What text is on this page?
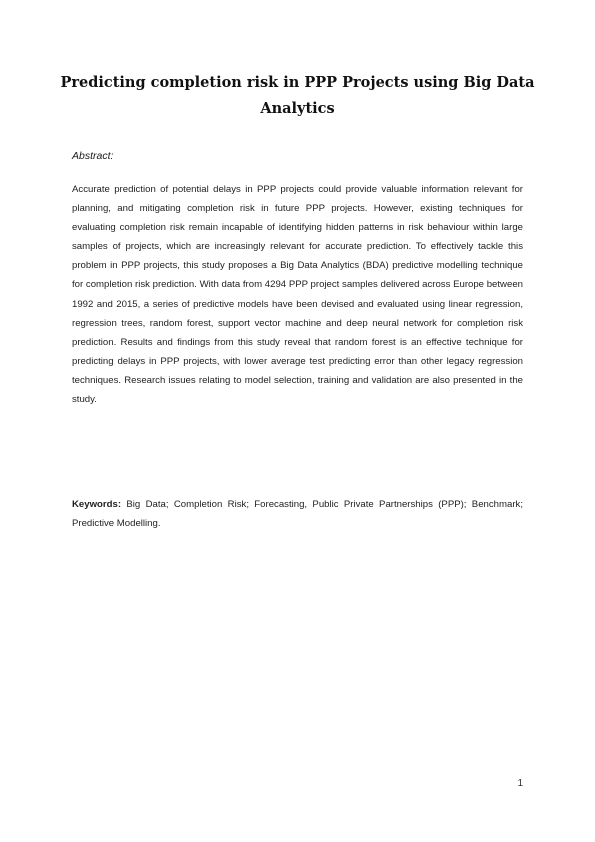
Predicting completion risk in PPP Projects using Big Data Analytics

Abstract:

Accurate prediction of potential delays in PPP projects could provide valuable information relevant for planning, and mitigating completion risk in future PPP projects. However, existing techniques for evaluating completion risk remain incapable of identifying hidden patterns in risk behaviour within large samples of projects, which are increasingly relevant for accurate prediction. To effectively tackle this problem in PPP projects, this study proposes a Big Data Analytics (BDA) predictive modelling technique for completion risk prediction. With data from 4294 PPP project samples delivered across Europe between 1992 and 2015, a series of predictive models have been devised and evaluated using linear regression, regression trees, random forest, support vector machine and deep neural network for completion risk prediction. Results and findings from this study reveal that random forest is an effective technique for predicting delays in PPP projects, with lower average test predicting error than other legacy regression techniques. Research issues relating to model selection, training and validation are also presented in the study.

Keywords: Big Data; Completion Risk; Forecasting, Public Private Partnerships (PPP); Benchmark; Predictive Modelling.

1
